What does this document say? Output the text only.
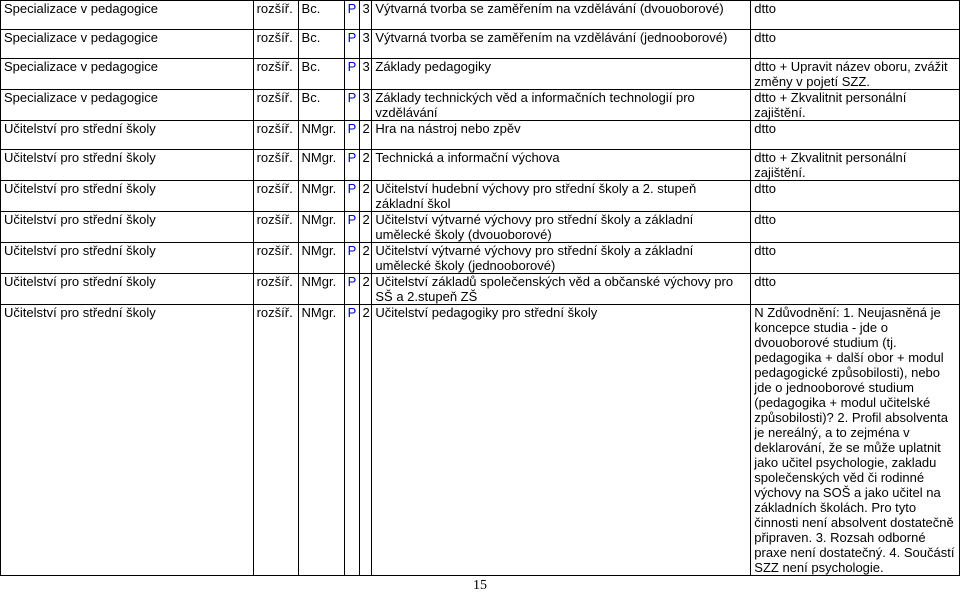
Specializace v pedagogice	rozšíř.	Bc.	P	3	Výtvarná tvorba se zaměřením na vzdělávání (dvouoborové)	dtto
Specializace v pedagogice	rozšíř.	Bc.	P	3	Výtvarná tvorba se zaměřením na vzdělávání (jednooborové)	dtto
Specializace v pedagogice	rozšíř.	Bc.	P	3	Základy pedagogiky	dtto + Upravit název oboru, zvážit změny v pojetí SZZ.
Specializace v pedagogice	rozšíř.	Bc.	P	3	Základy technických věd a informačních technologií pro vzdělávání	dtto + Zkvalitnit personální zajištění.
Učitelství pro střední školy	rozšíř.	NMgr.	P	2	Hra na nástroj nebo zpěv	dtto
Učitelství pro střední školy	rozšíř.	NMgr.	P	2	Technická a informační výchova	dtto + Zkvalitnit personální zajištění.
Učitelství pro střední školy	rozšíř.	NMgr.	P	2	Učitelství hudební výchovy pro střední školy a 2. stupeň základní škol	dtto
Učitelství pro střední školy	rozšíř.	NMgr.	P	2	Učitelství výtvarné výchovy pro střední školy a základní umělecké školy (dvouoborové)	dtto
Učitelství pro střední školy	rozšíř.	NMgr.	P	2	Učitelství výtvarné výchovy pro střední školy a základní umělecké školy (jednooborové)	dtto
Učitelství pro střední školy	rozšíř.	NMgr.	P	2	Učitelství základů společenských věd a občanské výchovy pro SŠ a 2.stupeň ZŠ	dtto
Učitelství pro střední školy	rozšíř.	NMgr.	P	2	Učitelství pedagogiky pro střední školy	N Zdůvodnění: 1. Neujasněná je koncepce studia - jde o dvouoborové studium (tj. pedagogika + další obor + modul pedagogické způsobilosti), nebo jde o jednooborové studium (pedagogika + modul učitelské způsobilosti)? 2. Profil absolventa je nereálný, a to zejména v deklarování, že se může uplatnit jako učitel psychologie, zakladu společenských věd či rodinné výchovy na SOŠ a jako učitel na základních školách. Pro tyto činnosti není absolvent dostatečně připraven. 3. Rozsah odborné praxe není dostatečný. 4. Součástí SZZ není psychologie.
15
